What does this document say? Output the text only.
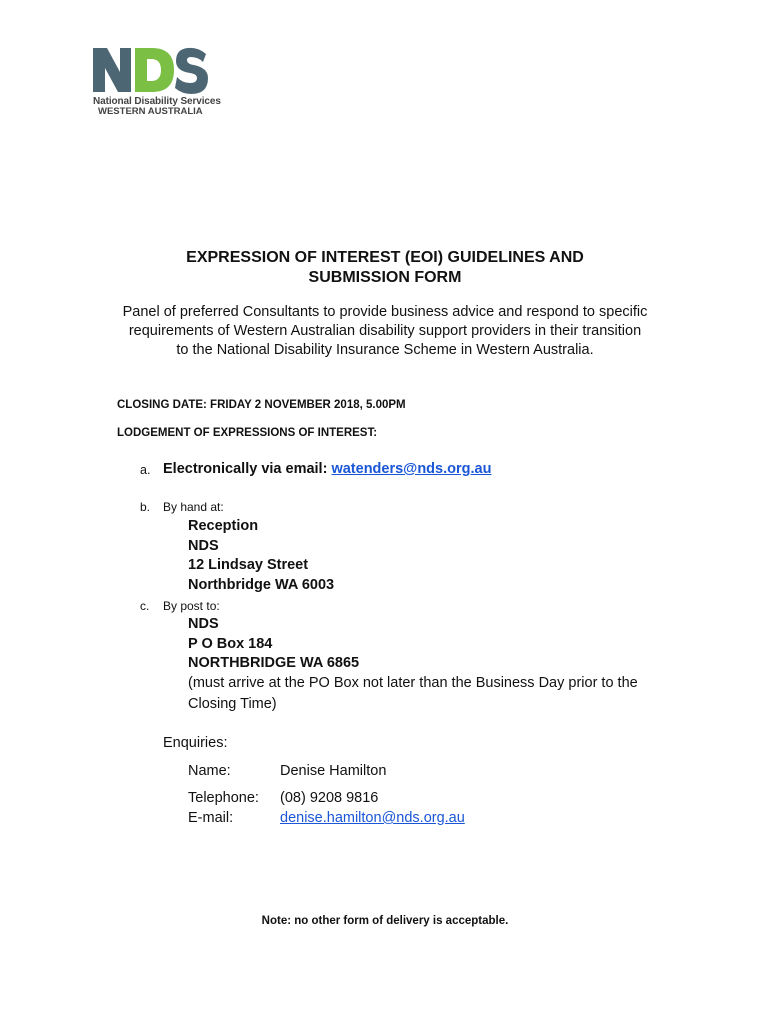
National Disability Services
WESTERN AUSTRALIA
EXPRESSION OF INTEREST (EOI) GUIDELINES AND
SUBMISSION FORM
Panel of preferred Consultants to provide business advice and respond to specific
requirements of Western Australian disability support providers in their transition
to the National Disability Insurance Scheme in Western Australia.
CLOSING DATE: FRIDAY 2 NOVEMBER 2018, 5.00PM
LODGEMENT OF EXPRESSIONS OF INTEREST:
a. Electronically via email: watenders@nds.org.au
b. By hand at:
Reception
NDS
12 Lindsay Street
Northbridge WA 6003
c. By post to:
NDS
P O Box 184
NORTHBRIDGE WA 6865
(must arrive at the PO Box not later than the Business Day prior to the
Closing Time)
Enquiries:
Name:	Denise Hamilton
Telephone: (08) 9208 9816
E-mail:	denise.hamilton@nds.org.au
Note: no other form of delivery is acceptable.
